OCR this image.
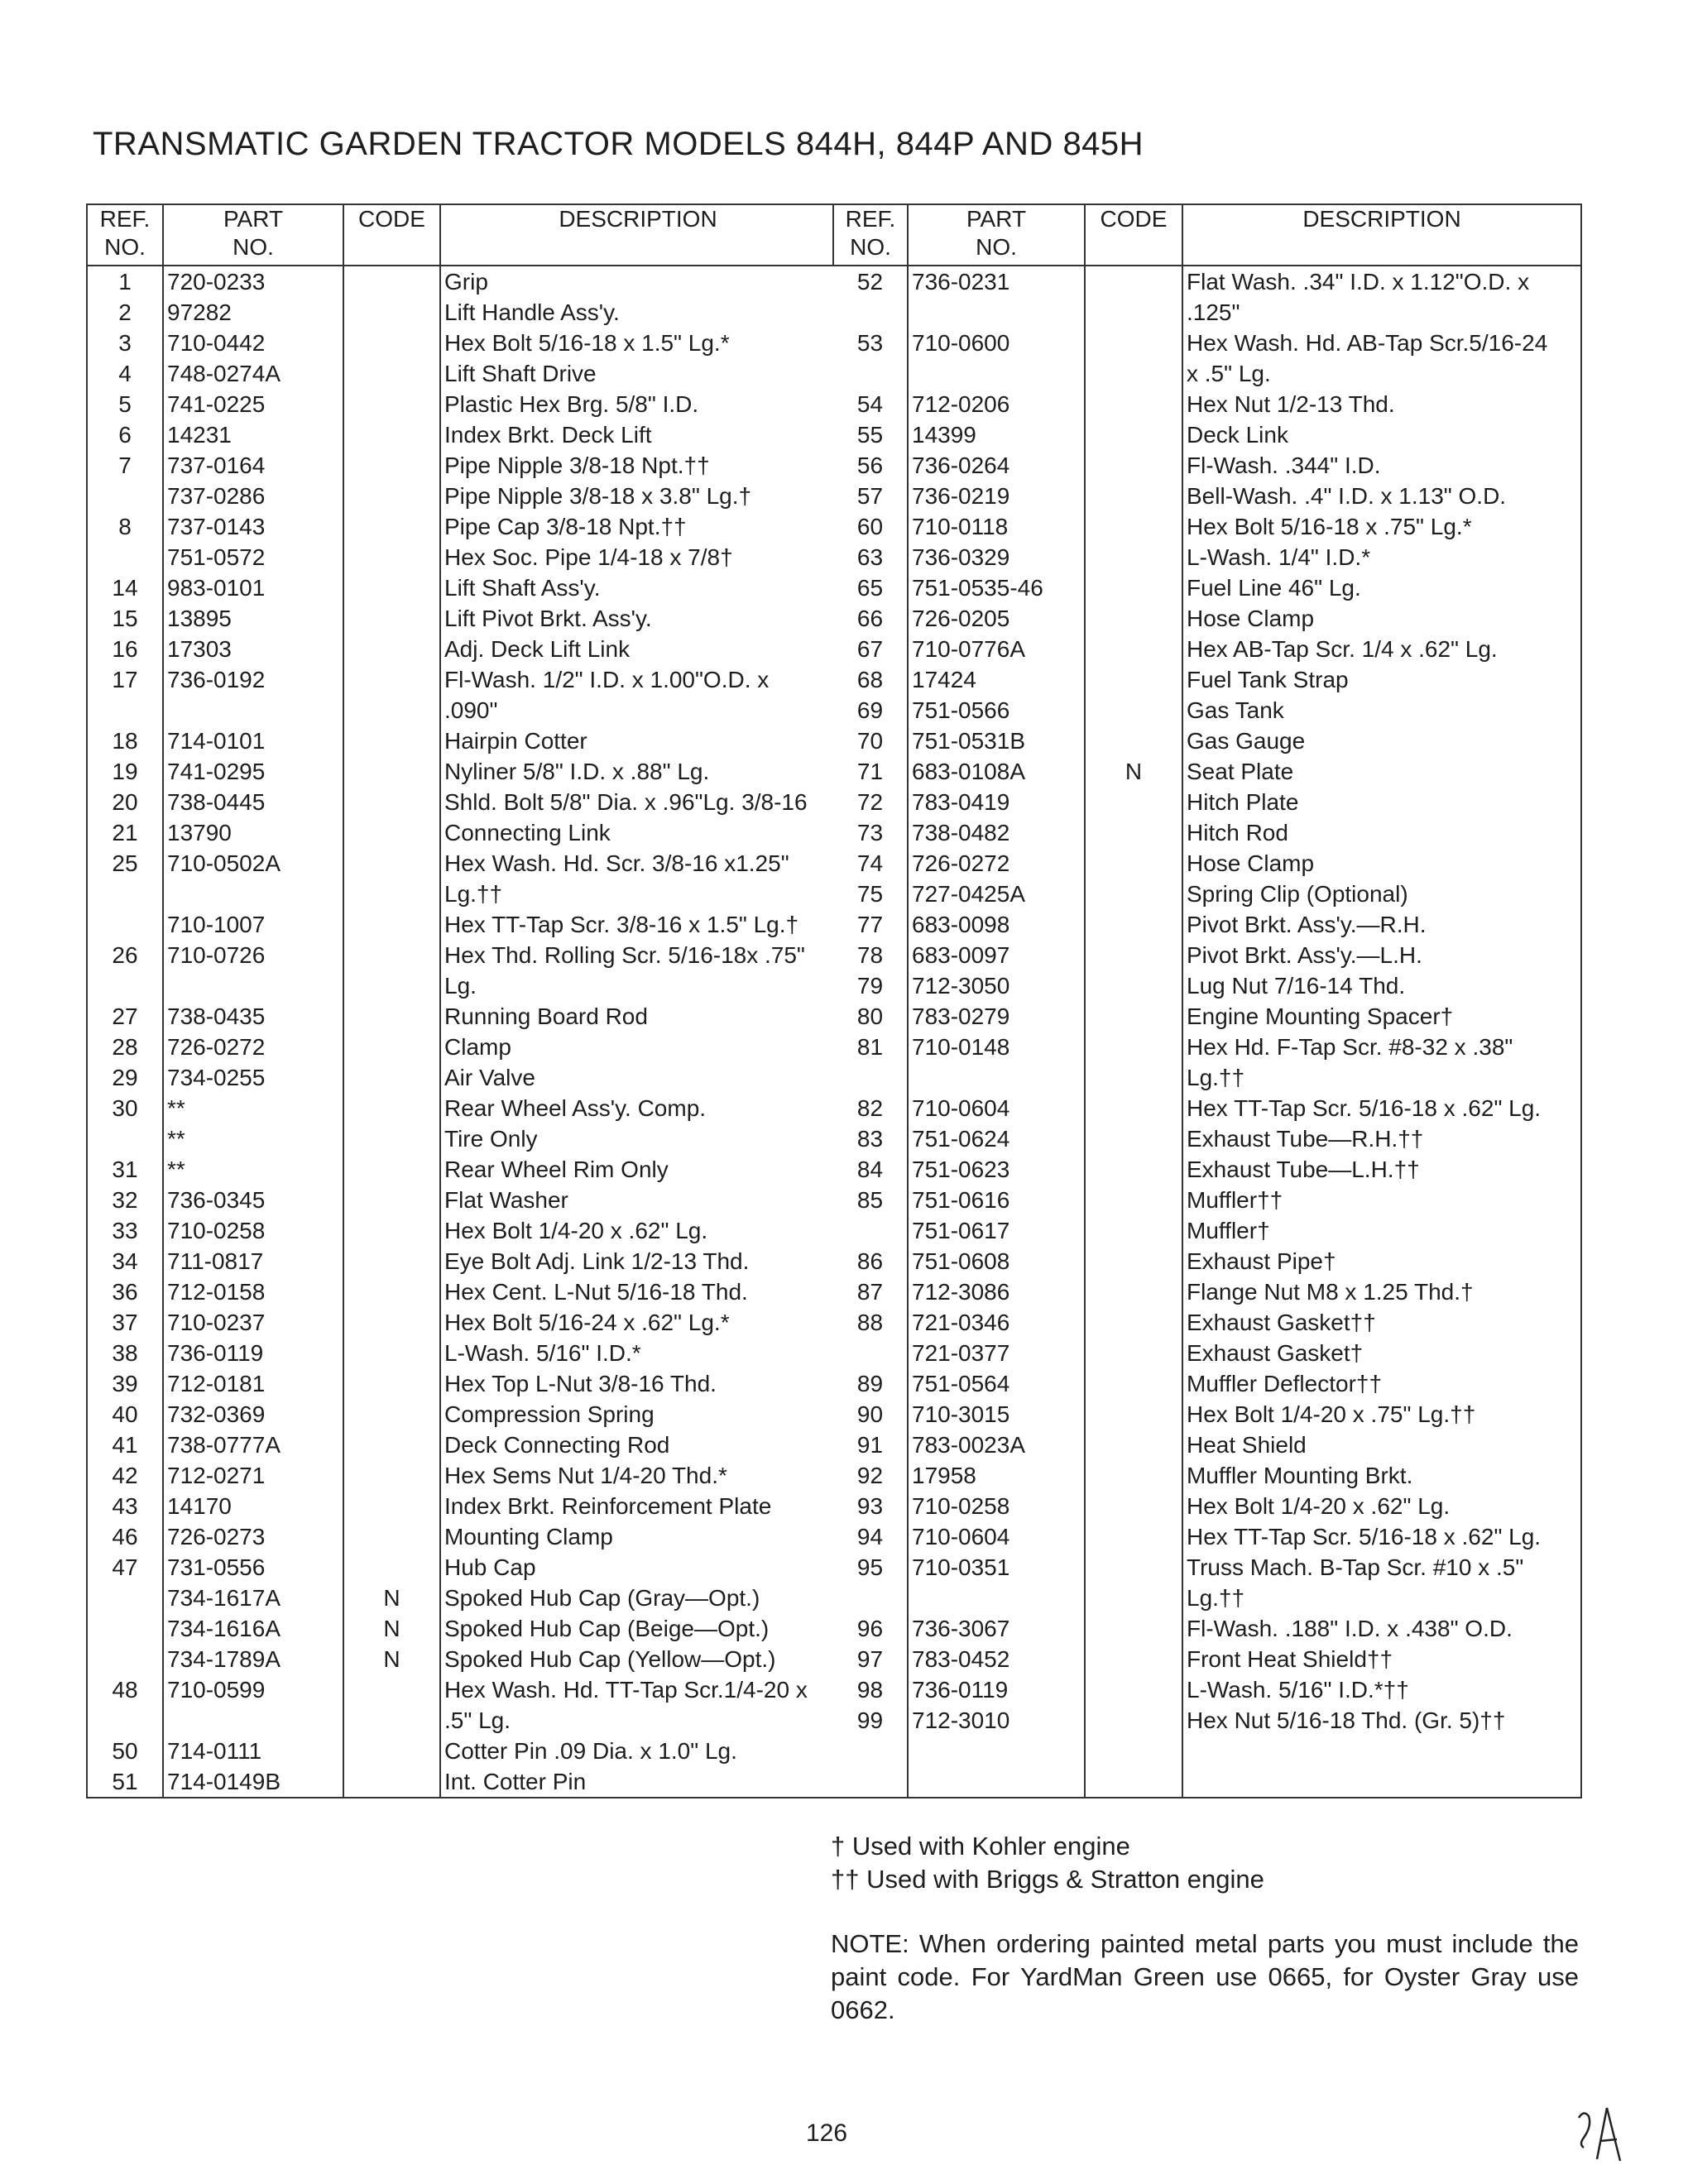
TRANSMATIC GARDEN TRACTOR MODELS 844H, 844P AND 845H
REF.
NO.	PART
NO.	CODE	DESCRIPTION
1	720-0233		Grip
2	97282		Lift Handle Ass'y.
3	710-0442		Hex Bolt 5/16-18 x 1.5" Lg.*
4	748-0274A		Lift Shaft Drive
5	741-0225		Plastic Hex Brg. 5/8" I.D.
6	14231		Index Brkt. Deck Lift
7	737-0164		Pipe Nipple 3/8-18 Npt.††
	737-0286		Pipe Nipple 3/8-18 x 3.8" Lg.†
8	737-0143		Pipe Cap 3/8-18 Npt.††
	751-0572		Hex Soc. Pipe 1/4-18 x 7/8†
14	983-0101		Lift Shaft Ass'y.
15	13895		Lift Pivot Brkt. Ass'y.
16	17303		Adj. Deck Lift Link
17	736-0192		Fl-Wash. 1/2" I.D. x 1.00"O.D. x
			.090"
18	714-0101		Hairpin Cotter
19	741-0295		Nyliner 5/8" I.D. x .88" Lg.
20	738-0445		Shld. Bolt 5/8" Dia. x .96"Lg. 3/8-16
21	13790		Connecting Link
25	710-0502A		Hex Wash. Hd. Scr. 3/8-16 x1.25"
			Lg.††
	710-1007		Hex TT-Tap Scr. 3/8-16 x 1.5" Lg.†
26	710-0726		Hex Thd. Rolling Scr. 5/16-18x .75"
			Lg.
27	738-0435		Running Board Rod
28	726-0272		Clamp
29	734-0255		Air Valve
30	**		Rear Wheel Ass'y. Comp.
	**		Tire Only
31	**		Rear Wheel Rim Only
32	736-0345		Flat Washer
33	710-0258		Hex Bolt 1/4-20 x .62" Lg.
34	711-0817		Eye Bolt Adj. Link 1/2-13 Thd.
36	712-0158		Hex Cent. L-Nut 5/16-18 Thd.
37	710-0237		Hex Bolt 5/16-24 x .62" Lg.*
38	736-0119		L-Wash. 5/16" I.D.*
39	712-0181		Hex Top L-Nut 3/8-16 Thd.
40	732-0369		Compression Spring
41	738-0777A		Deck Connecting Rod
42	712-0271		Hex Sems Nut 1/4-20 Thd.*
43	14170		Index Brkt. Reinforcement Plate
46	726-0273		Mounting Clamp
47	731-0556		Hub Cap
	734-1617A	N	Spoked Hub Cap (Gray—Opt.)
	734-1616A	N	Spoked Hub Cap (Beige—Opt.)
	734-1789A	N	Spoked Hub Cap (Yellow—Opt.)
48	710-0599		Hex Wash. Hd. TT-Tap Scr.1/4-20 x
			.5" Lg.
50	714-0111		Cotter Pin .09 Dia. x 1.0" Lg.
51	714-0149B		Int. Cotter Pin
REF.
NO.	PART
NO.	CODE	DESCRIPTION
52	736-0231		Flat Wash. .34" I.D. x 1.12"O.D. x
			.125"
53	710-0600		Hex Wash. Hd. AB-Tap Scr.5/16-24
			x .5" Lg.
54	712-0206		Hex Nut 1/2-13 Thd.
55	14399		Deck Link
56	736-0264		Fl-Wash. .344" I.D.
57	736-0219		Bell-Wash. .4" I.D. x 1.13" O.D.
60	710-0118		Hex Bolt 5/16-18 x .75" Lg.*
63	736-0329		L-Wash. 1/4" I.D.*
65	751-0535-46		Fuel Line 46" Lg.
66	726-0205		Hose Clamp
67	710-0776A		Hex AB-Tap Scr. 1/4 x .62" Lg.
68	17424		Fuel Tank Strap
69	751-0566		Gas Tank
70	751-0531B		Gas Gauge
71	683-0108A	N	Seat Plate
72	783-0419		Hitch Plate
73	738-0482		Hitch Rod
74	726-0272		Hose Clamp
75	727-0425A		Spring Clip (Optional)
77	683-0098		Pivot Brkt. Ass'y.—R.H.
78	683-0097		Pivot Brkt. Ass'y.—L.H.
79	712-3050		Lug Nut 7/16-14 Thd.
80	783-0279		Engine Mounting Spacer†
81	710-0148		Hex Hd. F-Tap Scr. #8-32 x .38"
			Lg.††
82	710-0604		Hex TT-Tap Scr. 5/16-18 x .62" Lg.
83	751-0624		Exhaust Tube—R.H.††
84	751-0623		Exhaust Tube—L.H.††
85	751-0616		Muffler††
	751-0617		Muffler†
86	751-0608		Exhaust Pipe†
87	712-3086		Flange Nut M8 x 1.25 Thd.†
88	721-0346		Exhaust Gasket††
	721-0377		Exhaust Gasket†
89	751-0564		Muffler Deflector††
90	710-3015		Hex Bolt 1/4-20 x .75" Lg.††
91	783-0023A		Heat Shield
92	17958		Muffler Mounting Brkt.
93	710-0258		Hex Bolt 1/4-20 x .62" Lg.
94	710-0604		Hex TT-Tap Scr. 5/16-18 x .62" Lg.
95	710-0351		Truss Mach. B-Tap Scr. #10 x .5"
			Lg.††
96	736-3067		Fl-Wash. .188" I.D. x .438" O.D.
97	783-0452		Front Heat Shield††
98	736-0119		L-Wash. 5/16" I.D.*††
99	712-3010		Hex Nut 5/16-18 Thd. (Gr. 5)††

† Used with Kohler engine
†† Used with Briggs & Stratton engine
NOTE: When ordering painted metal parts you must include the paint code. For YardMan Green use 0665, for Oyster Gray use 0662.
126
